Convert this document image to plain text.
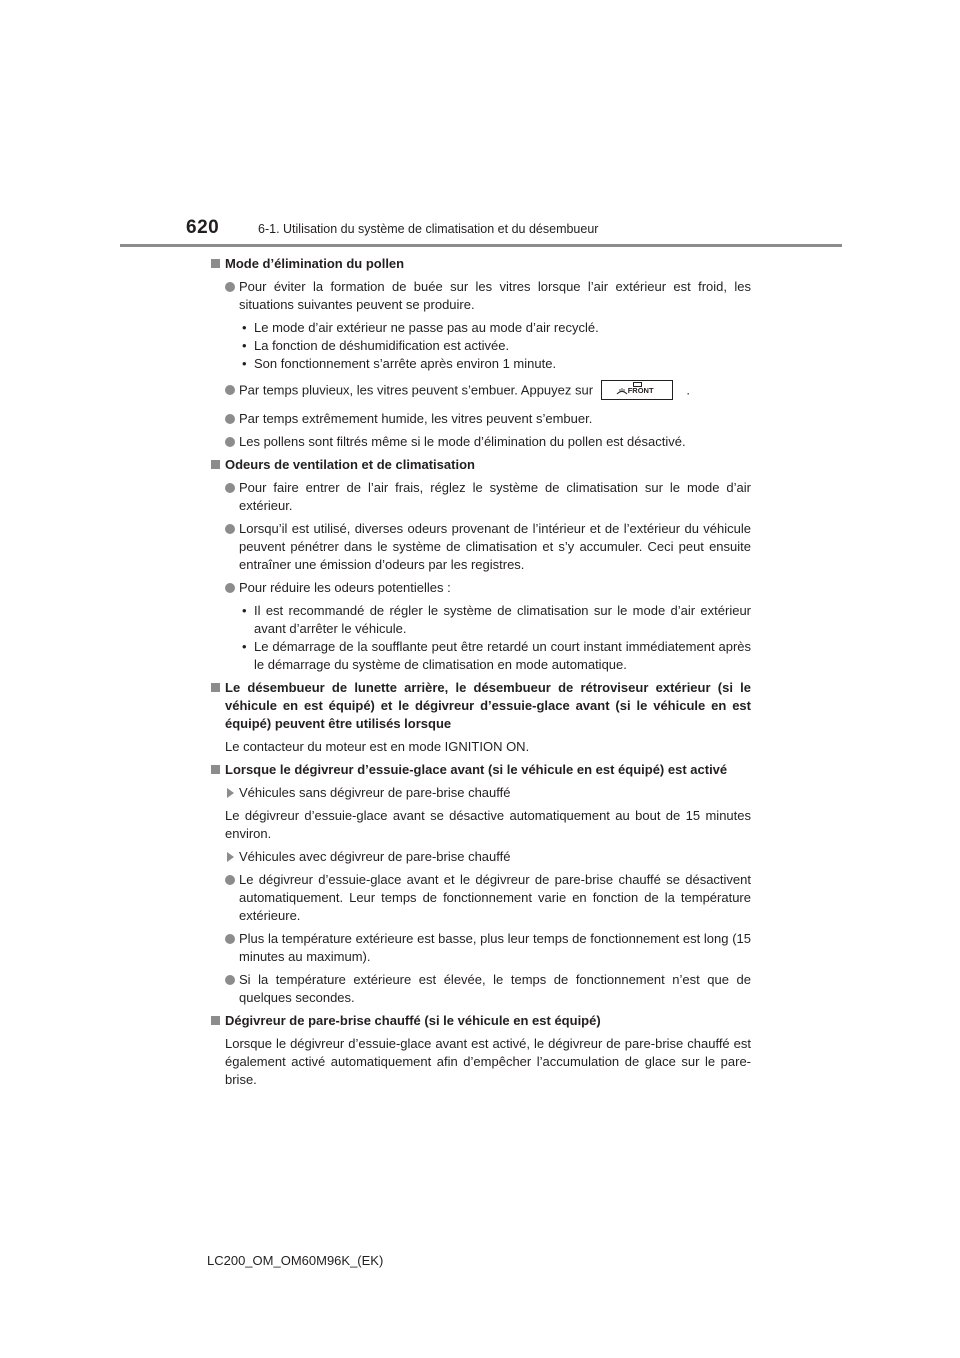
620	6-1. Utilisation du système de climatisation et du désembueur
Mode d’élimination du pollen
Pour éviter la formation de buée sur les vitres lorsque l’air extérieur est froid, les situations suivantes peuvent se produire.
• Le mode d’air extérieur ne passe pas au mode d’air recyclé.
• La fonction de déshumidification est activée.
• Son fonctionnement s’arrête après environ 1 minute.
Par temps pluvieux, les vitres peuvent s’embuer. Appuyez sur	FRONT	.
Par temps extrêmement humide, les vitres peuvent s’embuer.
Les pollens sont filtrés même si le mode d’élimination du pollen est désactivé.
Odeurs de ventilation et de climatisation
Pour faire entrer de l’air frais, réglez le système de climatisation sur le mode d’air extérieur.
Lorsqu’il est utilisé, diverses odeurs provenant de l’intérieur et de l’extérieur du véhicule peuvent pénétrer dans le système de climatisation et s’y accumuler. Ceci peut ensuite entraîner une émission d’odeurs par les registres.
Pour réduire les odeurs potentielles :
• Il est recommandé de régler le système de climatisation sur le mode d’air extérieur avant d’arrêter le véhicule.
• Le démarrage de la soufflante peut être retardé un court instant immédiatement après le démarrage du système de climatisation en mode automatique.
Le désembueur de lunette arrière, le désembueur de rétroviseur extérieur (si le véhicule en est équipé) et le dégivreur d’essuie-glace avant (si le véhicule en est équipé) peuvent être utilisés lorsque
Le contacteur du moteur est en mode IGNITION ON.
Lorsque le dégivreur d’essuie-glace avant (si le véhicule en est équipé) est activé
Véhicules sans dégivreur de pare-brise chauffé
Le dégivreur d’essuie-glace avant se désactive automatiquement au bout de 15 minutes environ.
Véhicules avec dégivreur de pare-brise chauffé
Le dégivreur d’essuie-glace avant et le dégivreur de pare-brise chauffé se désactivent automatiquement. Leur temps de fonctionnement varie en fonction de la température extérieure.
Plus la température extérieure est basse, plus leur temps de fonctionnement est long (15 minutes au maximum).
Si la température extérieure est élevée, le temps de fonctionnement n’est que de quelques secondes.
Dégivreur de pare-brise chauffé (si le véhicule en est équipé)
Lorsque le dégivreur d’essuie-glace avant est activé, le dégivreur de pare-brise chauffé est également activé automatiquement afin d’empêcher l’accumulation de glace sur le pare-brise.
LC200_OM_OM60M96K_(EK)
